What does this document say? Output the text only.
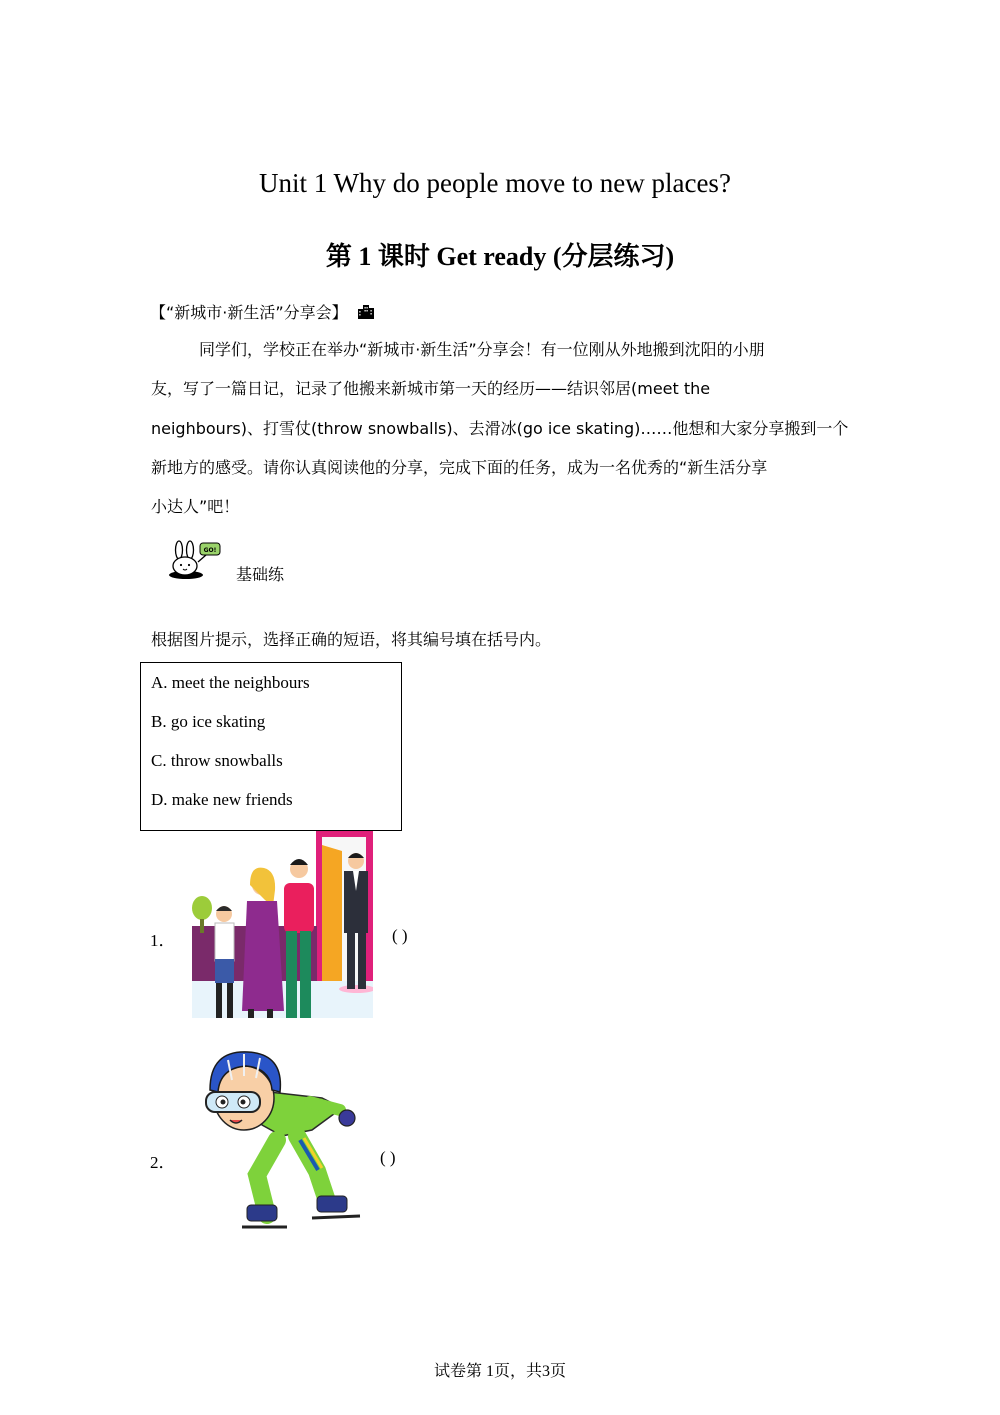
Unit 1 Why do people move to new places?
第 1 课时 Get ready (分层练习)
【“新城市·新生活”分享会】

同学们，学校正在举办“新城市·新生活”分享会！有一位刚从外地搬到沈阳的小朋

友，写了一篇日记，记录了他搬来新城市第一天的经历——结识邻居(meet the

neighbours)、打雪仗(throw snowballs)、去滑冰(go ice skating)……他想和大家分享搬到一个

新地方的感受。请你认真阅读他的分享，完成下面的任务，成为一名优秀的“新生活分享

小达人”吧！

GO!
基础练
根据图片提示，选择正确的短语，将其编号填在括号内。
A. meet the neighbours
B. go ice skating
C. throw snowballs
D. make new friends
1．	( )
2．	( )
试卷第 1页，共3页
